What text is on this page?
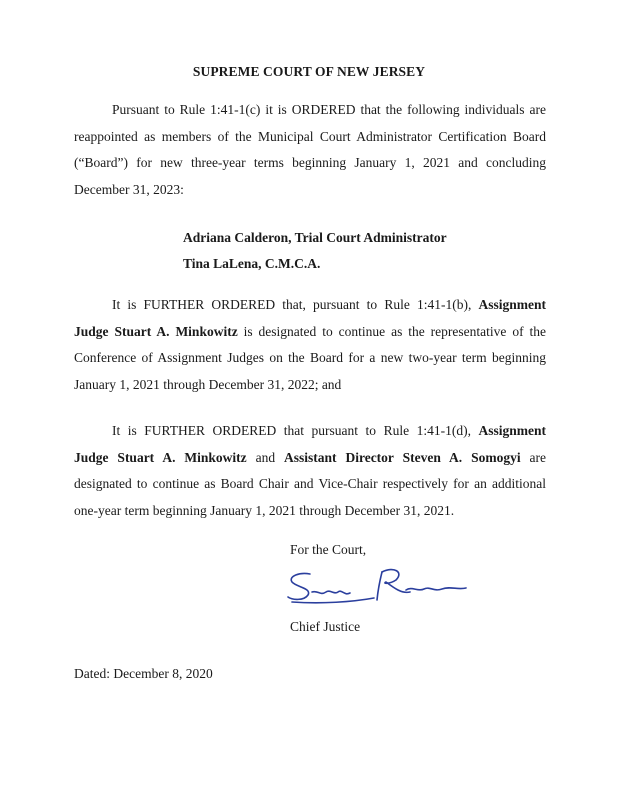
SUPREME COURT OF NEW JERSEY

Pursuant to Rule 1:41-1(c) it is ORDERED that the following individuals are reappointed as members of the Municipal Court Administrator Certification Board (“Board”) for new three-year terms beginning January 1, 2021 and concluding December 31, 2023:

Adriana Calderon, Trial Court Administrator
Tina LaLena, C.M.C.A.

It is FURTHER ORDERED that, pursuant to Rule 1:41-1(b), Assignment Judge Stuart A. Minkowitz is designated to continue as the representative of the Conference of Assignment Judges on the Board for a new two-year term beginning January 1, 2021 through December 31, 2022; and

It is FURTHER ORDERED that pursuant to Rule 1:41-1(d), Assignment Judge Stuart A. Minkowitz and Assistant Director Steven A. Somogyi are designated to continue as Board Chair and Vice-Chair respectively for an additional one-year term beginning January 1, 2021 through December 31, 2021.

For the Court,
Chief Justice
Dated: December 8, 2020
